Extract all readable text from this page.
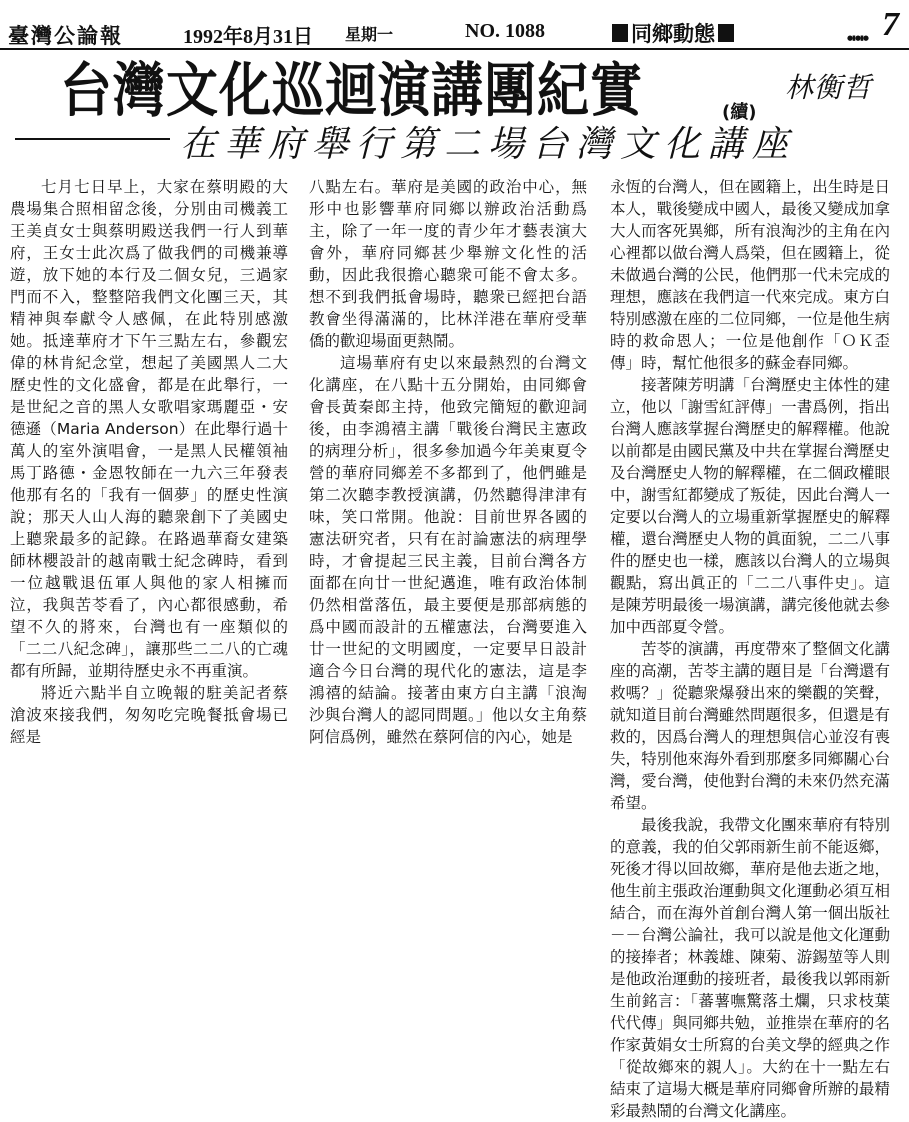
臺灣公論報	1992年8月31日 星期一	NO. 1088	同鄉動態	●▮●▮● 7
台灣文化巡迴演講團紀實	(續)
林衡哲
在華府舉行第二場台灣文化講座

七月七日早上，大家在蔡明殿的大農場集合照相留念後，分別由司機義工王美貞女士與蔡明殿送我們一行人到華府，王女士此次爲了做我們的司機兼導遊，放下她的本行及二個女兒，三過家門而不入，整整陪我們文化團三天，其精神與奉獻令人感佩，在此特別感激她。抵達華府才下午三點左右，參觀宏偉的林肯紀念堂，想起了美國黑人二大歷史性的文化盛會，都是在此舉行，一是世紀之音的黑人女歌唱家瑪麗亞・安德遜（Maria Anderson）在此舉行過十萬人的室外演唱會，一是黑人民權領袖馬丁路德・金恩牧師在一九六三年發表他那有名的「我有一個夢」的歷史性演說；那天人山人海的聽衆創下了美國史上聽衆最多的記錄。在路過華裔女建築師林櫻設計的越南戰士紀念碑時，看到一位越戰退伍軍人與他的家人相擁而泣，我與苦苓看了，內心都很感動，希望不久的將來，台灣也有一座類似的「二二八紀念碑」，讓那些二二八的亡魂都有所歸，並期待歷史永不再重演。

將近六點半自立晚報的駐美記者蔡滄波來接我們，匆匆吃完晚餐抵會場已經是

八點左右。華府是美國的政治中心，無形中也影響華府同鄉以辦政治活動爲主，除了一年一度的青少年才藝表演大會外，華府同鄉甚少舉辦文化性的活動，因此我很擔心聽衆可能不會太多。想不到我們抵會場時，聽衆已經把台語教會坐得滿滿的，比林洋港在華府受華僑的歡迎場面更熱鬧。

這場華府有史以來最熱烈的台灣文化講座，在八點十五分開始，由同鄉會會長黃秦郎主持，他致完簡短的歡迎詞後，由李鴻禧主講「戰後台灣民主憲政的病理分析」，很多參加過今年美東夏令營的華府同鄉差不多都到了，他們雖是第二次聽李教授演講，仍然聽得津津有味，笑口常開。他說：目前世界各國的憲法研究者，只有在討論憲法的病理學時，才會提起三民主義，目前台灣各方面都在向廿一世紀邁進，唯有政治体制仍然相當落伍，最主要便是那部病態的爲中國而設計的五權憲法，台灣要進入廿一世紀的文明國度，一定要早日設計適合今日台灣的現代化的憲法，這是李鴻禧的結論。接著由東方白主講「浪淘沙與台灣人的認同問題。」他以女主角蔡阿信爲例，雖然在蔡阿信的內心，她是

永恆的台灣人，但在國籍上，出生時是日本人，戰後變成中國人，最後又變成加拿大人而客死異鄉，所有浪淘沙的主角在內心裡都以做台灣人爲榮，但在國籍上，從未做過台灣的公民，他們那一代未完成的理想，應該在我們這一代來完成。東方白特別感激在座的二位同鄉，一位是他生病時的救命恩人；一位是他創作「ＯＫ歪傳」時，幫忙他很多的蘇金春同鄉。

接著陳芳明講「台灣歷史主体性的建立，他以「謝雪紅評傳」一書爲例，指出台灣人應該掌握台灣歷史的解釋權。他說以前都是由國民黨及中共在掌握台灣歷史及台灣歷史人物的解釋權，在二個政權眼中，謝雪紅都變成了叛徒，因此台灣人一定要以台灣人的立場重新掌握歷史的解釋權，還台灣歷史人物的眞面貌，二二八事件的歷史也一樣，應該以台灣人的立場與觀點，寫出眞正的「二二八事件史」。這是陳芳明最後一場演講，講完後他就去參加中西部夏令營。

苦苓的演講，再度帶來了整個文化講座的高潮，苦苓主講的題目是「台灣還有救嗎？」從聽衆爆發出來的樂觀的笑聲，就知道目前台灣雖然問題很多，但還是有救的，因爲台灣人的理想與信心並沒有喪失，特別他來海外看到那麼多同鄉關心台灣，愛台灣，使他對台灣的未來仍然充滿希望。

最後我說，我帶文化團來華府有特別的意義，我的伯父郭雨新生前不能返鄉，死後才得以回故鄉，華府是他去逝之地，他生前主張政治運動與文化運動必須互相結合，而在海外首創台灣人第一個出版社－－台灣公論社，我可以說是他文化運動的接捧者；林義雄、陳菊、游錫堃等人則是他政治運動的接班者，最後我以郭雨新生前銘言：「蕃薯嘸驚落土爛，只求枝葉代代傳」與同鄉共勉，並推崇在華府的名作家黃娟女士所寫的台美文學的經典之作「從故鄉來的親人」。大約在十一點左右結束了這場大概是華府同鄉會所辦的最精彩最熱鬧的台灣文化講座。
